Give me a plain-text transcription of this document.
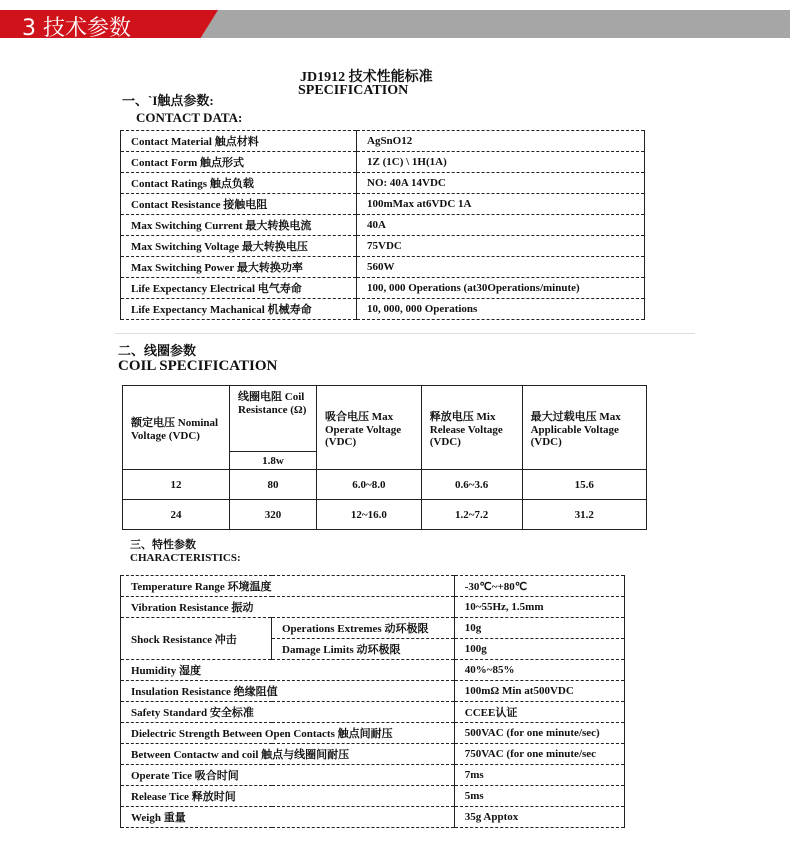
3 技术参数
JD1912 技术性能标准
SPECIFICATION
一、`I触点参数:
CONTACT DATA:
Contact Material 触点材料	AgSnO12
Contact Form 触点形式	1Z (1C) \ 1H(1A)
Contact Ratings 触点负载	NO: 40A 14VDC
Contact Resistance 接触电阻	100mMax at6VDC 1A
Max Switching Current 最大转换电流	40A
Max Switching Voltage 最大转换电压	75VDC
Max Switching Power 最大转换功率	560W
Life Expectancy Electrical 电气寿命	100, 000 Operations (at30Operations/minute)
Life Expectancy Machanical 机械寿命	10, 000, 000 Operations
二、线圈参数
COIL SPECIFICATION
额定电压 Nominal Voltage (VDC)	线圈电阻 Coil Resistance (Ω)	吸合电压 Max Operate Voltage (VDC)	释放电压 Mix Release Voltage (VDC)	最大过载电压 Max Applicable Voltage (VDC)
	1.8w			
12	80	6.0~8.0	0.6~3.6	15.6
24	320	12~16.0	1.2~7.2	31.2
三、特性参数
CHARACTERISTICS:
Temperature Range 环境温度		-30℃~+80℃
Vibration Resistance 振动		10~55Hz, 1.5mm
Shock Resistance 冲击	Operations Extremes 动环极限	10g
	Damage Limits 动环极限	100g
Humidity 湿度		40%~85%
Insulation Resistance 绝缘阻值		100mΩ Min at500VDC
Safety Standard 安全标准		CCEE认证
Dielectric Strength Between Open Contacts 触点间耐压		500VAC (for one minute/sec)
Between Contactw and coil 触点与线圈间耐压		750VAC (for one minute/sec
Operate Tice 吸合时间		7ms
Release Tice 释放时间		5ms
Weigh 重量		35g Apptox
